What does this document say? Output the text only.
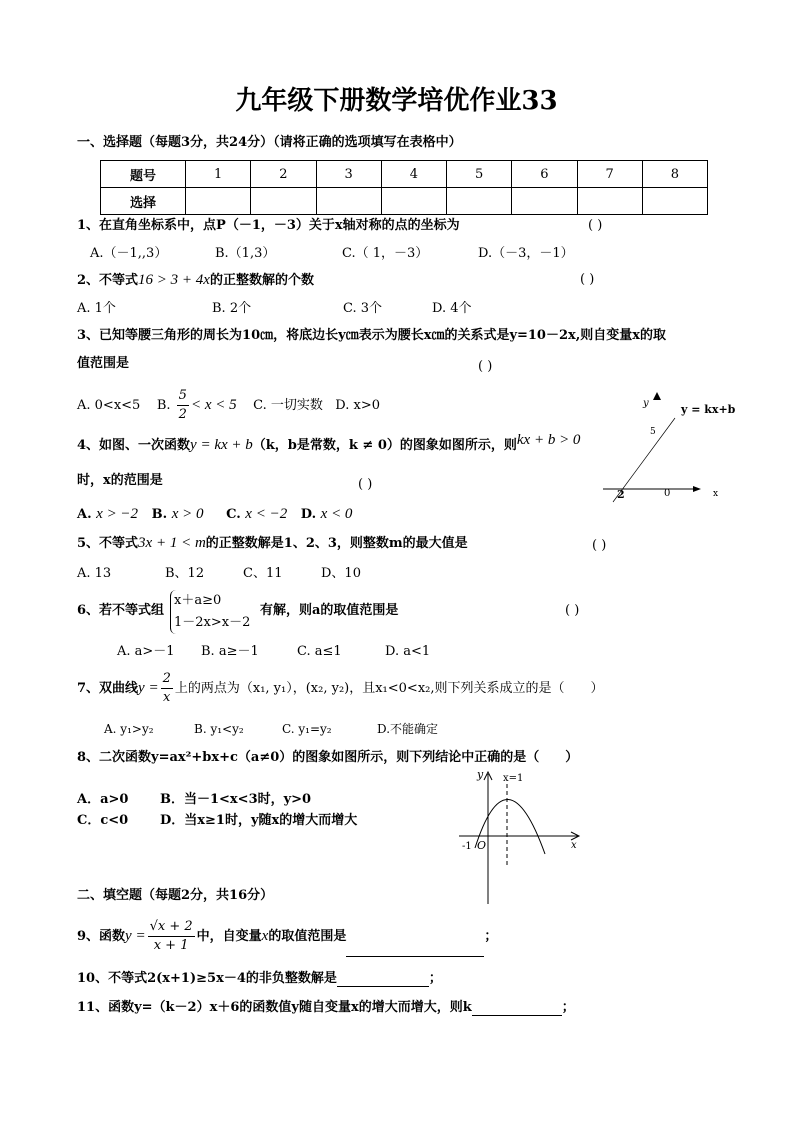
九年级下册数学培优作业33
一、选择题（每题3分，共24分）（请将正确的选项填写在表格中）
题号	1	2	3	4	5	6	7	8
选择								
1、在直角坐标系中，点P（－1，－3）关于x轴对称的点的坐标为	( )
A.（－1,,3）	B.（1,3）	C.（ 1，－3）	D.（－3，－1）
2、不等式16 > 3 + 4x的正整数解的个数	( )
A. 1个	B. 2个	C. 3个	D. 4个
3、已知等腰三角形的周长为10㎝，将底边长y㎝表示为腰长x㎝的关系式是y=10－2x,则自变量x的取
值范围是	( )
A. 0<x<5 B. $\frac{5}{2} < x < 5$ C. 一切实数 D. x>0
4、如图、一次函数y = kx + b（k，b是常数，k ≠ 0）的图象如图所示，则kx + b > 0
时，x的范围是	( )
A. x > −2 B. x > 0 C. x < −2 D. x < 0
y	y = kx+b
5
2	0	x
5、不等式3x + 1 < m的正整数解是1、2、3，则整数m的最大值是	( )
A. 13	B、12	C、11	D、10
6、若不等式组
x＋a≥0
1－2x>x－2
有解，则a的取值范围是	( )
A. a>－1 B. a≥－1	C. a≤1	D. a<1
7、双曲线$y = \frac{2}{x}$ 上的两点为（x₁, y₁），(x₂, y₂)，且x₁<0<x₂,则下列关系成立的是（　　）
A. y₁>y₂	B. y₁<y₂	C. y₁=y₂	D.不能确定
8、二次函数y=ax²+bx+c（a≠0）的图象如图所示，则下列结论中正确的是（　　）
A．a>0 B．当－1<x<3时，y>0
C．c<0 D．当x≥1时，y随x的增大而增大
y
x
x=1
-1 O
二、填空题（每题2分，共16分）
9、函数$y = \frac{√x + 2}{x + 1}$ 中，自变量x的取值范围是	；
10、不等式2(x+1)≥5x－4的非负整数解是	；
11、函数y=（k－2）x＋6的函数值y随自变量x的增大而增大，则k	；
